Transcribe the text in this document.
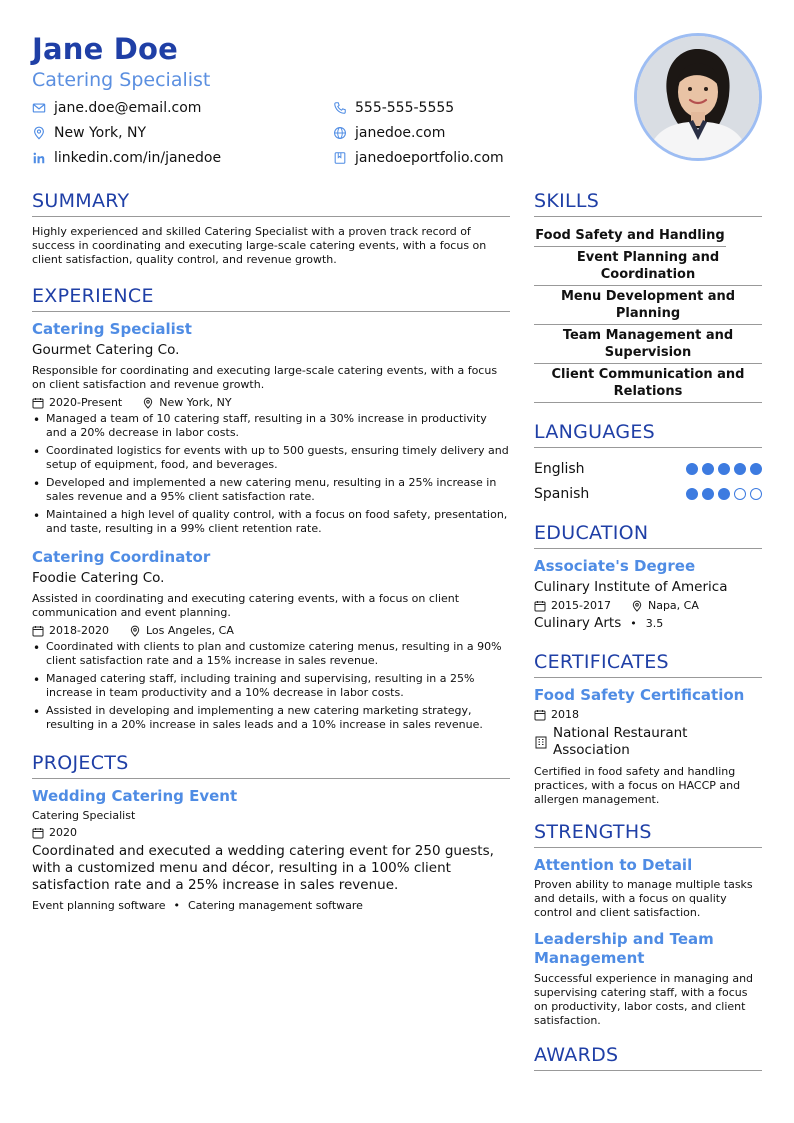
Jane Doe
Catering Specialist
jane.doe@email.com	555-555-5555
New York, NY	janedoe.com
linkedin.com/in/janedoe	janedoeportfolio.com
SUMMARY
Highly experienced and skilled Catering Specialist with a proven track record of success in coordinating and executing large-scale catering events, with a focus on client satisfaction, quality control, and revenue growth.
EXPERIENCE
Catering Specialist
Gourmet Catering Co.
Responsible for coordinating and executing large-scale catering events, with a focus on client satisfaction and revenue growth.
2020-Present	New York, NY
• Managed a team of 10 catering staff, resulting in a 30% increase in productivity and a 20% decrease in labor costs.
• Coordinated logistics for events with up to 500 guests, ensuring timely delivery and setup of equipment, food, and beverages.
• Developed and implemented a new catering menu, resulting in a 25% increase in sales revenue and a 95% client satisfaction rate.
• Maintained a high level of quality control, with a focus on food safety, presentation, and taste, resulting in a 99% client retention rate.
Catering Coordinator
Foodie Catering Co.
Assisted in coordinating and executing catering events, with a focus on client communication and event planning.
2018-2020	Los Angeles, CA
• Coordinated with clients to plan and customize catering menus, resulting in a 90% client satisfaction rate and a 15% increase in sales revenue.
• Managed catering staff, including training and supervising, resulting in a 25% increase in team productivity and a 10% decrease in labor costs.
• Assisted in developing and implementing a new catering marketing strategy, resulting in a 20% increase in sales leads and a 10% increase in sales revenue.
PROJECTS
Wedding Catering Event
Catering Specialist
2020
Coordinated and executed a wedding catering event for 250 guests, with a customized menu and décor, resulting in a 100% client satisfaction rate and a 25% increase in sales revenue.
Event planning software • Catering management software
SKILLS
Food Safety and Handling
Event Planning and Coordination
Menu Development and Planning
Team Management and Supervision
Client Communication and Relations
LANGUAGES
English
Spanish
EDUCATION
Associate's Degree
Culinary Institute of America
2015-2017	Napa, CA
Culinary Arts • 3.5
CERTIFICATES
Food Safety Certification
2018
National Restaurant Association
Certified in food safety and handling practices, with a focus on HACCP and allergen management.
STRENGTHS
Attention to Detail
Proven ability to manage multiple tasks and details, with a focus on quality control and client satisfaction.
Leadership and Team Management
Successful experience in managing and supervising catering staff, with a focus on productivity, labor costs, and client satisfaction.
AWARDS
